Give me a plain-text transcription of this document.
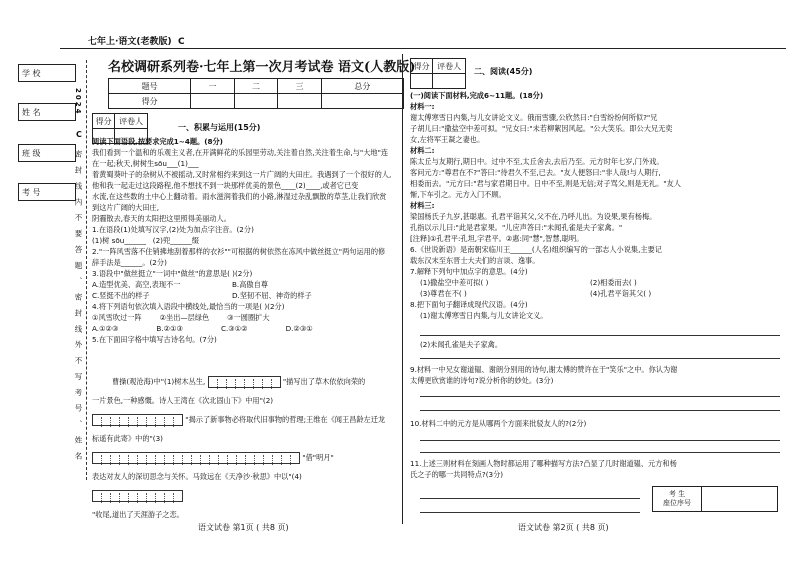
七年上·语文(老教版) C
学 校
姓 名
班 级
考 号
2024
C
密 封 线 内 不 要 答 题 、 密 封 线 外 不 写 考 号 、 姓 名
名校调研系列卷·七年上第一次月考试卷 语文(人教版)
题号	一	二	三	总分
得分				
得分	评卷人

一、积累与运用(15分)
阅读下面语段,按要求完成1~4题。(8分)
我们看到一个温和的乐观主义者,在开满鲜花的乐园里劳动,关注着自然,关注着生命,与"大地"连在一起;秋天,树树生sōu___(1)___
着黄蜀葵叶子的杂树从不被摇动,又时常相约来到这一片广阔的大田庄。我遇到了一个很好的人,他和我一起走过这段路程,他不想找不到一块那样优美的景色____(2)____,或者它已变
水流,在这些数的土中心上翻动着。雨水滋润着我们的小路,淋湿过杂乱飘散的草茎,让我们欣赏到这片广阔的大田庄,
阴霾散去,春天的太阳把这里照得美丽动人。
1.在语段(1)处填写汉字,(2)处为加点字注音。(2分)
(1)树 sōu______   (2)兜______缀
2."一阵风雪落不住销拂地刮着那样的衣衫""可根据的树依然在冻风中做丝挺立"两句运用的修辞手法是______。(2分)
3.语段中"做丝挺立"一词中"做丝"的意思是( )(2分)
A.造型优美、高空,表现不一	B.高傲自尊
C.竖挺不出的样子	D.坚韧不屈、神奇的样子
4.将下列语句依次填入语段中横线处,最恰当的一项是( )(2分)
①风雪吹过一阵	②坐出—层绿色	③一圆圈扩大
A.①②③	B.②①③	C.③①②	D.②③①
5.在下面田字格中填写古诗名句。(7分)
曹操(观沧海)中"(1)树木丛生,	"描写出了草木依依向荣的
一片景色,一种感慨。诗人王湾在《次北固山下》中用"(2)
"揭示了新事物必将取代旧事物的哲理;王维在《闻王昌龄左迁龙标遥有此寄》中的"(3)
"借"明月"
表达对友人的深切思念与关怀。马致远在《天净沙·秋思》中以"(4)
"收尾,道出了天涯游子之恋。
语文试卷 第1页 ( 共8 页)
得分	评卷人

二、阅读(45分)
(一)阅读下面材料,完成6~11题。(18分)
材料一:
谢太傅寒雪日内集,与儿女讲论文义。俄而雪骤,公欣然曰:"白雪纷纷何所似?"兄
子胡儿曰:"撒盐空中差可拟。"兄女曰:"未若柳絮因风起。"公大笑乐。即公大兄无奕
女,左将军王凝之妻也。
材料二:
陈太丘与友期行,期日中。过中不至,太丘舍去,去后乃至。元方时年七岁,门外戏。
客问元方:"尊君在不?"答曰:"待君久不至,已去。"友人便怒曰:"非人哉!与人期行,
相委而去。"元方曰:"君与家君期日中。日中不至,则是无信;对子骂父,则是无礼。"友人
惭,下车引之。元方入门不顾。
材料三:
梁国杨氏子九岁,甚聪惠。孔君平诣其父,父不在,乃呼儿出。为设果,果有杨梅。
孔指以示儿曰:"此是君家果。"儿应声答曰:"未闻孔雀是夫子家禽。"
[注释]①孔君平:孔坦,字君平。②惠:同"慧",智慧,聪明。
6.《世说新语》是南朝宋临川王______(人名)组织编写的一部志人小说集,主要记
载东汉末至东晋士大夫们的言谈、逸事。
7.解释下列句中加点字的意思。(4分)
(1)撒盐空中差可拟( )	(2)相委而去( )
(3)尊君在不( )	(4)孔君平诣其父( )
8.把下面句子翻译成现代汉语。(4分)
(1)谢太傅寒雪日内集,与儿女讲论文义。
(2)未闻孔雀是夫子家禽。
9.材料一中兄女谢道韫、谢朗分别用的诗句,谢太傅的赞许在于"笑乐"之中。你认为谢
太傅更欣赏谁的诗句?说分析你的妙处。(3分)
10.材料二中的元方是从哪两个方面来批驳友人的?(2分)
11.上述三则材料在刻画人物时都运用了哪种描写方法?凸显了几时谢道韫、元方和杨
氏之子的哪一共同特点?(3分)
考 生
座位序号

语文试卷 第2页 ( 共8 页)
